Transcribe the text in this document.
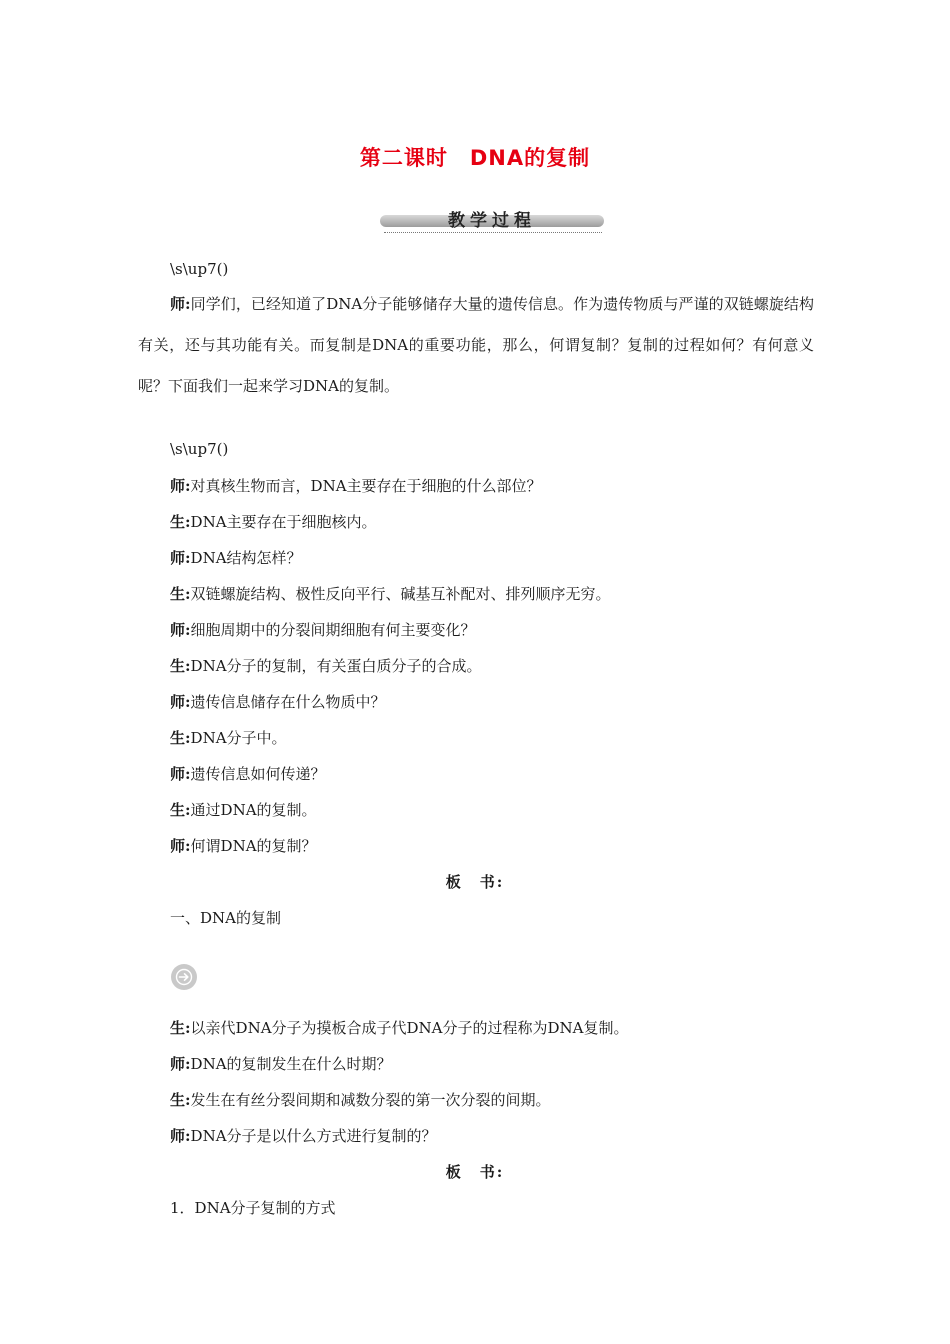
第二课时 DNA的复制
教学过程
\s\up7()
师:同学们，已经知道了DNA分子能够储存大量的遗传信息。作为遗传物质与严谨的双链螺旋结构有关，还与其功能有关。而复制是DNA的重要功能，那么，何谓复制？复制的过程如何？有何意义呢？下面我们一起来学习DNA的复制。
\s\up7()
师:对真核生物而言，DNA主要存在于细胞的什么部位？
生:DNA主要存在于细胞核内。
师:DNA结构怎样？
生:双链螺旋结构、极性反向平行、碱基互补配对、排列顺序无穷。
师:细胞周期中的分裂间期细胞有何主要变化？
生:DNA分子的复制，有关蛋白质分子的合成。
师:遗传信息储存在什么物质中？
生:DNA分子中。
师:遗传信息如何传递？
生:通过DNA的复制。
师:何谓DNA的复制？
板　书:
一、DNA的复制
生:以亲代DNA分子为摸板合成子代DNA分子的过程称为DNA复制。
师:DNA的复制发生在什么时期？
生:发生在有丝分裂间期和减数分裂的第一次分裂的间期。
师:DNA分子是以什么方式进行复制的？
板　书:
1．DNA分子复制的方式
